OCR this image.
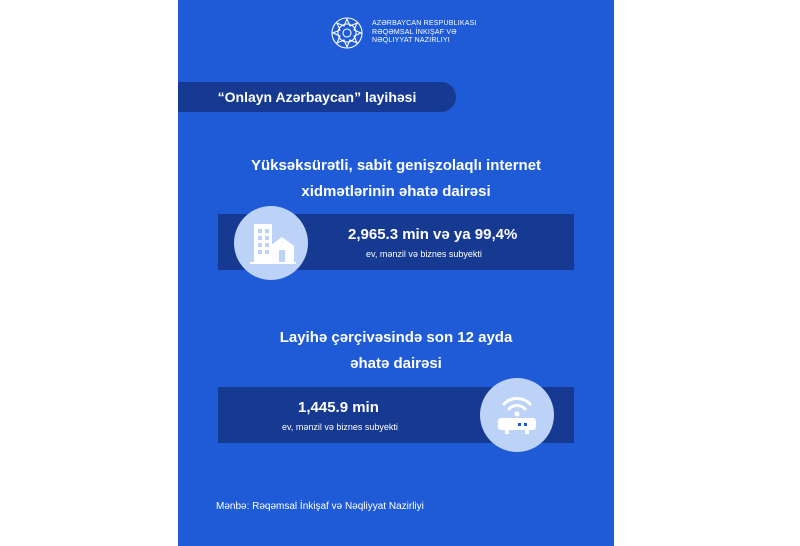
AZƏRBAYCAN RESPUBLIKASI
RƏQƏMSAL İNKIŞAF VƏ
NƏQLIYYAT NAZIRLIYI
“Onlayn Azərbaycan” layihəsi
Yüksəksürətli, sabit genişzolaqlı internet
xidmətlərinin əhatə dairəsi
2,965.3 min və ya 99,4%
ev, mənzil və biznes subyekti
Layihə çərçivəsində son 12 ayda
əhatə dairəsi
1,445.9 min
ev, mənzil və biznes subyekti
Mənbə: Rəqəmsal İnkişaf və Nəqliyyat Nazirliyi
